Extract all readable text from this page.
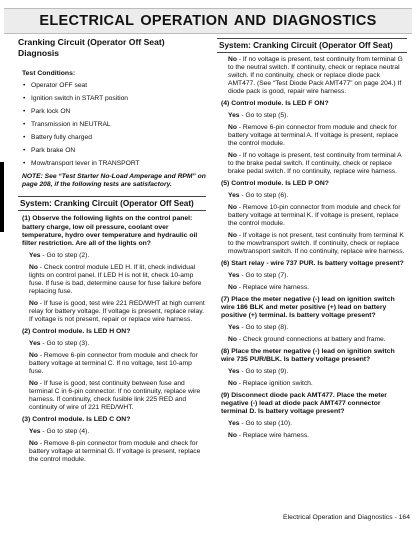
ELECTRICAL OPERATION AND DIAGNOSTICS
Cranking Circuit (Operator Off Seat)
Diagnosis
Test Conditions:
• Operator OFF seat
• Ignition switch in START position
• Park lock ON
• Transmission in NEUTRAL
• Battery fully charged
• Park brake ON
• Mow/transport lever in TRANSPORT
NOTE: See “Test Starter No-Load Amperage and RPM” on page 208, if the following tests are satisfactory.
System: Cranking Circuit (Operator Off Seat)
(1) Observe the following lights on the control panel: battery charge, low oil pressure, coolant over temperature, hydro over temperature and hydraulic oil filter restriction. Are all of the lights on?
Yes - Go to step (2).
No - Check control module LED H. If lit, check individual lights on control panel. If LED H is not lit, check 10-amp fuse. If fuse is bad, determine cause for fuse failure before replacing fuse.
No - If fuse is good, test wire 221 RED/WHT at high current relay for battery voltage. If voltage is present, replace relay. If voltage is not present, repair or replace wire harness.
(2) Control module. Is LED H ON?
Yes - Go to step (3).
No - Remove 6-pin connector from module and check for battery voltage at terminal C. If no voltage, test 10-amp fuse.
No - If fuse is good, test continuity between fuse and terminal C in 6-pin connector. If no continuity, replace wire harness. If continuity, check fusible link 225 RED and continuity of wire of 221 RED/WHT.
(3) Control module. Is LED C ON?
Yes - Go to step (4).
No - Remove 8-pin connector from module and check for battery voltage at terminal G. If voltage is present, replace the control module.
System: Cranking Circuit (Operator Off Seat)
No - If no voltage is present, test continuity from terminal G to the neutral switch. If continuity, check or replace neutral switch. If no continuity, check or replace diode pack AMT477. (See “Test Diode Pack AMT477” on page 204.) If diode pack is good, repair wire harness.
(4) Control module. Is LED F ON?
Yes - Go to step (5).
No - Remove 6-pin connector from module and check for battery voltage at terminal A. If voltage is present, replace the control module.
No - If no voltage is present, test continuity from terminal A to the brake pedal switch. If continuity, check or replace brake pedal switch. If no continuity, replace wire harness.
(5) Control module. Is LED P ON?
Yes - Go to step (6).
No - Remove 10-pin connector from module and check for battery voltage at terminal K. If voltage is present, replace the control module.
No - If voltage is not present, test continuity from terminal K to the mow/transport switch. If continuity, check or replace mow/transport switch. If no continuity, replace wire harness.
(6) Start relay - wire 737 PUR. Is battery voltage present?
Yes - Go to step (7).
No - Replace wire harness.
(7) Place the meter negative (-) lead on ignition switch wire 186 BLK and meter positive (+) lead on battery positive (+) terminal. Is battery voltage present?
Yes - Go to step (8).
No - Check ground connections at battery and frame.
(8) Place the meter negative (-) lead on ignition switch wire 735 PUR/BLK. Is battery voltage present?
Yes - Go to step (9).
No - Replace ignition switch.
(9) Disconnect diode pack AMT477. Place the meter negative (-) lead at diode pack AMT477 connector terminal D. Is battery voltage present?
Yes - Go to step (10).
No - Replace wire harness.
Electrical Operation and Diagnostics - 164
